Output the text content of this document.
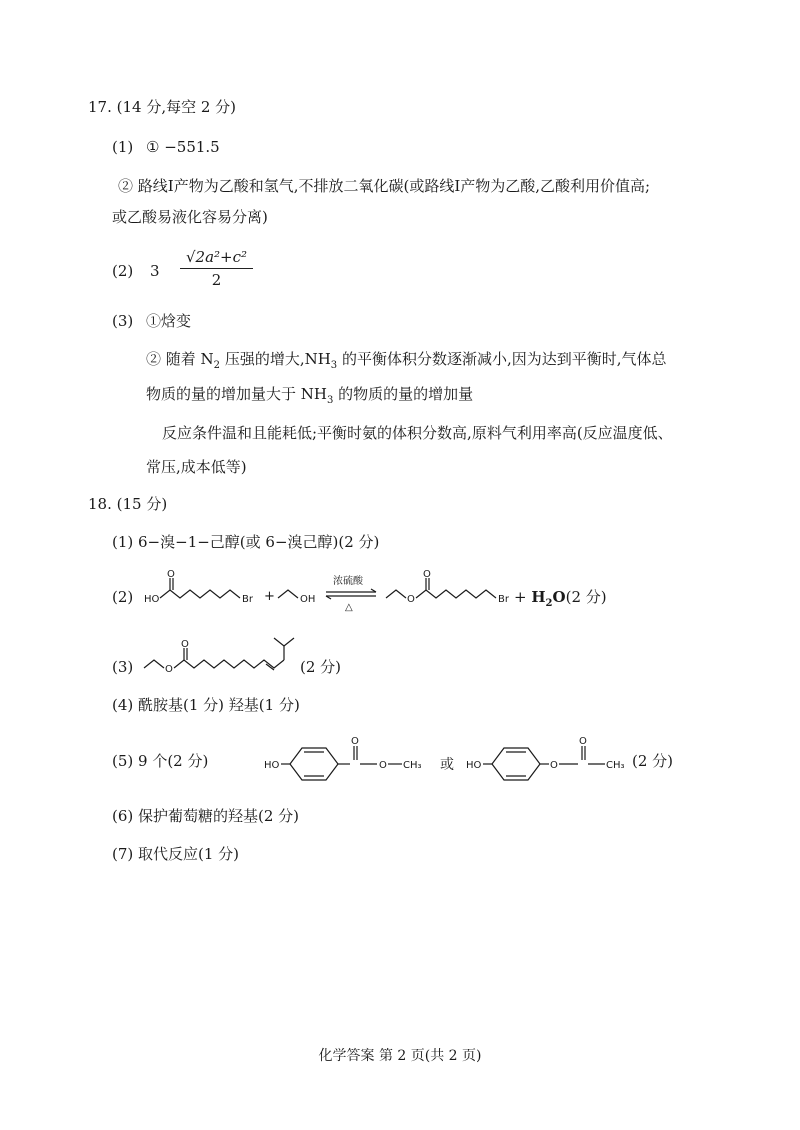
17. (14 分,每空 2 分)
(1) ① −551.5
② 路线Ⅰ产物为乙酸和氢气,不排放二氧化碳(或路线Ⅰ产物为乙酸,乙酸利用价值高;
或乙酸易液化容易分离)
(2) $3 \frac{\text{√2a²+c²}}{2}$
(3) ①焓变
② 随着 $N_2$ 压强的增大$,NH_3$ 的平衡体积分数逐渐减小,因为达到平衡时,气体总
物质的量的增加量大于 $NH_3$ 的物质的量的增加量
反应条件温和且能耗低;平衡时氨的体积分数高,原料气利用率高(反应温度低、
常压,成本低等)
18. (15 分)
(1) 6−溴−1−己醇(或 6−溴己醇)(2 分)
(2) HO
O
Br +	OH
浓硫酸
△
O
O
$Br + H_2O(2$ 分)
(3)	O
O
(2 分)
(4) 酰胺基(1 分) 羟基(1 分)
(5) 9 个(2 分)	HO
O
O CH₃ 或 HO	O
O
CH₃ (2 分)
(6) 保护葡萄糖的羟基(2 分)
(7) 取代反应(1 分)
化学答案 第 2 页(共 2 页)
